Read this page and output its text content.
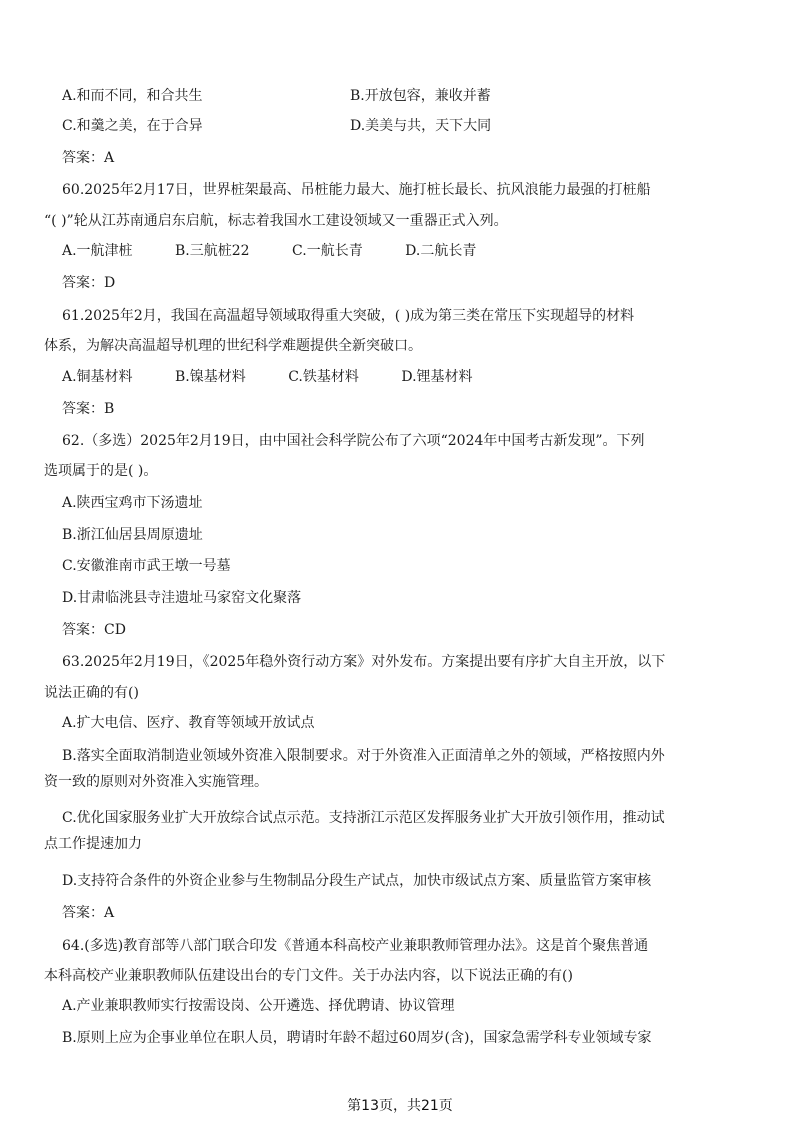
A.和而不同，和合共生	B.开放包容，兼收并蓄
C.和羹之美，在于合异	D.美美与共，天下大同
答案：A
60.2025年2月17日，世界桩架最高、吊桩能力最大、施打桩长最长、抗风浪能力最强的打桩船
“( )”轮从江苏南通启东启航，标志着我国水工建设领域又一重器正式入列。
A.一航津桩	B.三航桩22	C.一航长青	D.二航长青
答案：D
61.2025年2月，我国在高温超导领域取得重大突破，( )成为第三类在常压下实现超导的材料
体系，为解决高温超导机理的世纪科学难题提供全新突破口。
A.铜基材料	B.镍基材料	C.铁基材料	D.锂基材料
答案：B
62.（多选）2025年2月19日，由中国社会科学院公布了六项“2024年中国考古新发现”。下列
选项属于的是( )。
A.陕西宝鸡市下汤遗址
B.浙江仙居县周原遗址
C.安徽淮南市武王墩一号墓
D.甘肃临洮县寺洼遗址马家窑文化聚落
答案：CD
63.2025年2月19日，《2025年稳外资行动方案》对外发布。方案提出要有序扩大自主开放，以下
说法正确的有()
A.扩大电信、医疗、教育等领域开放试点
B.落实全面取消制造业领域外资准入限制要求。对于外资准入正面清单之外的领域，严格按照内外
资一致的原则对外资准入实施管理。
C.优化国家服务业扩大开放综合试点示范。支持浙江示范区发挥服务业扩大开放引领作用，推动试
点工作提速加力
D.支持符合条件的外资企业参与生物制品分段生产试点，加快市级试点方案、质量监管方案审核
答案：A
64.(多选)教育部等八部门联合印发《普通本科高校产业兼职教师管理办法》。这是首个聚焦普通
本科高校产业兼职教师队伍建设出台的专门文件。关于办法内容，以下说法正确的有()
A.产业兼职教师实行按需设岗、公开遴选、择优聘请、协议管理
B.原则上应为企事业单位在职人员，聘请时年龄不超过60周岁(含)，国家急需学科专业领域专家
第13页，共21页
